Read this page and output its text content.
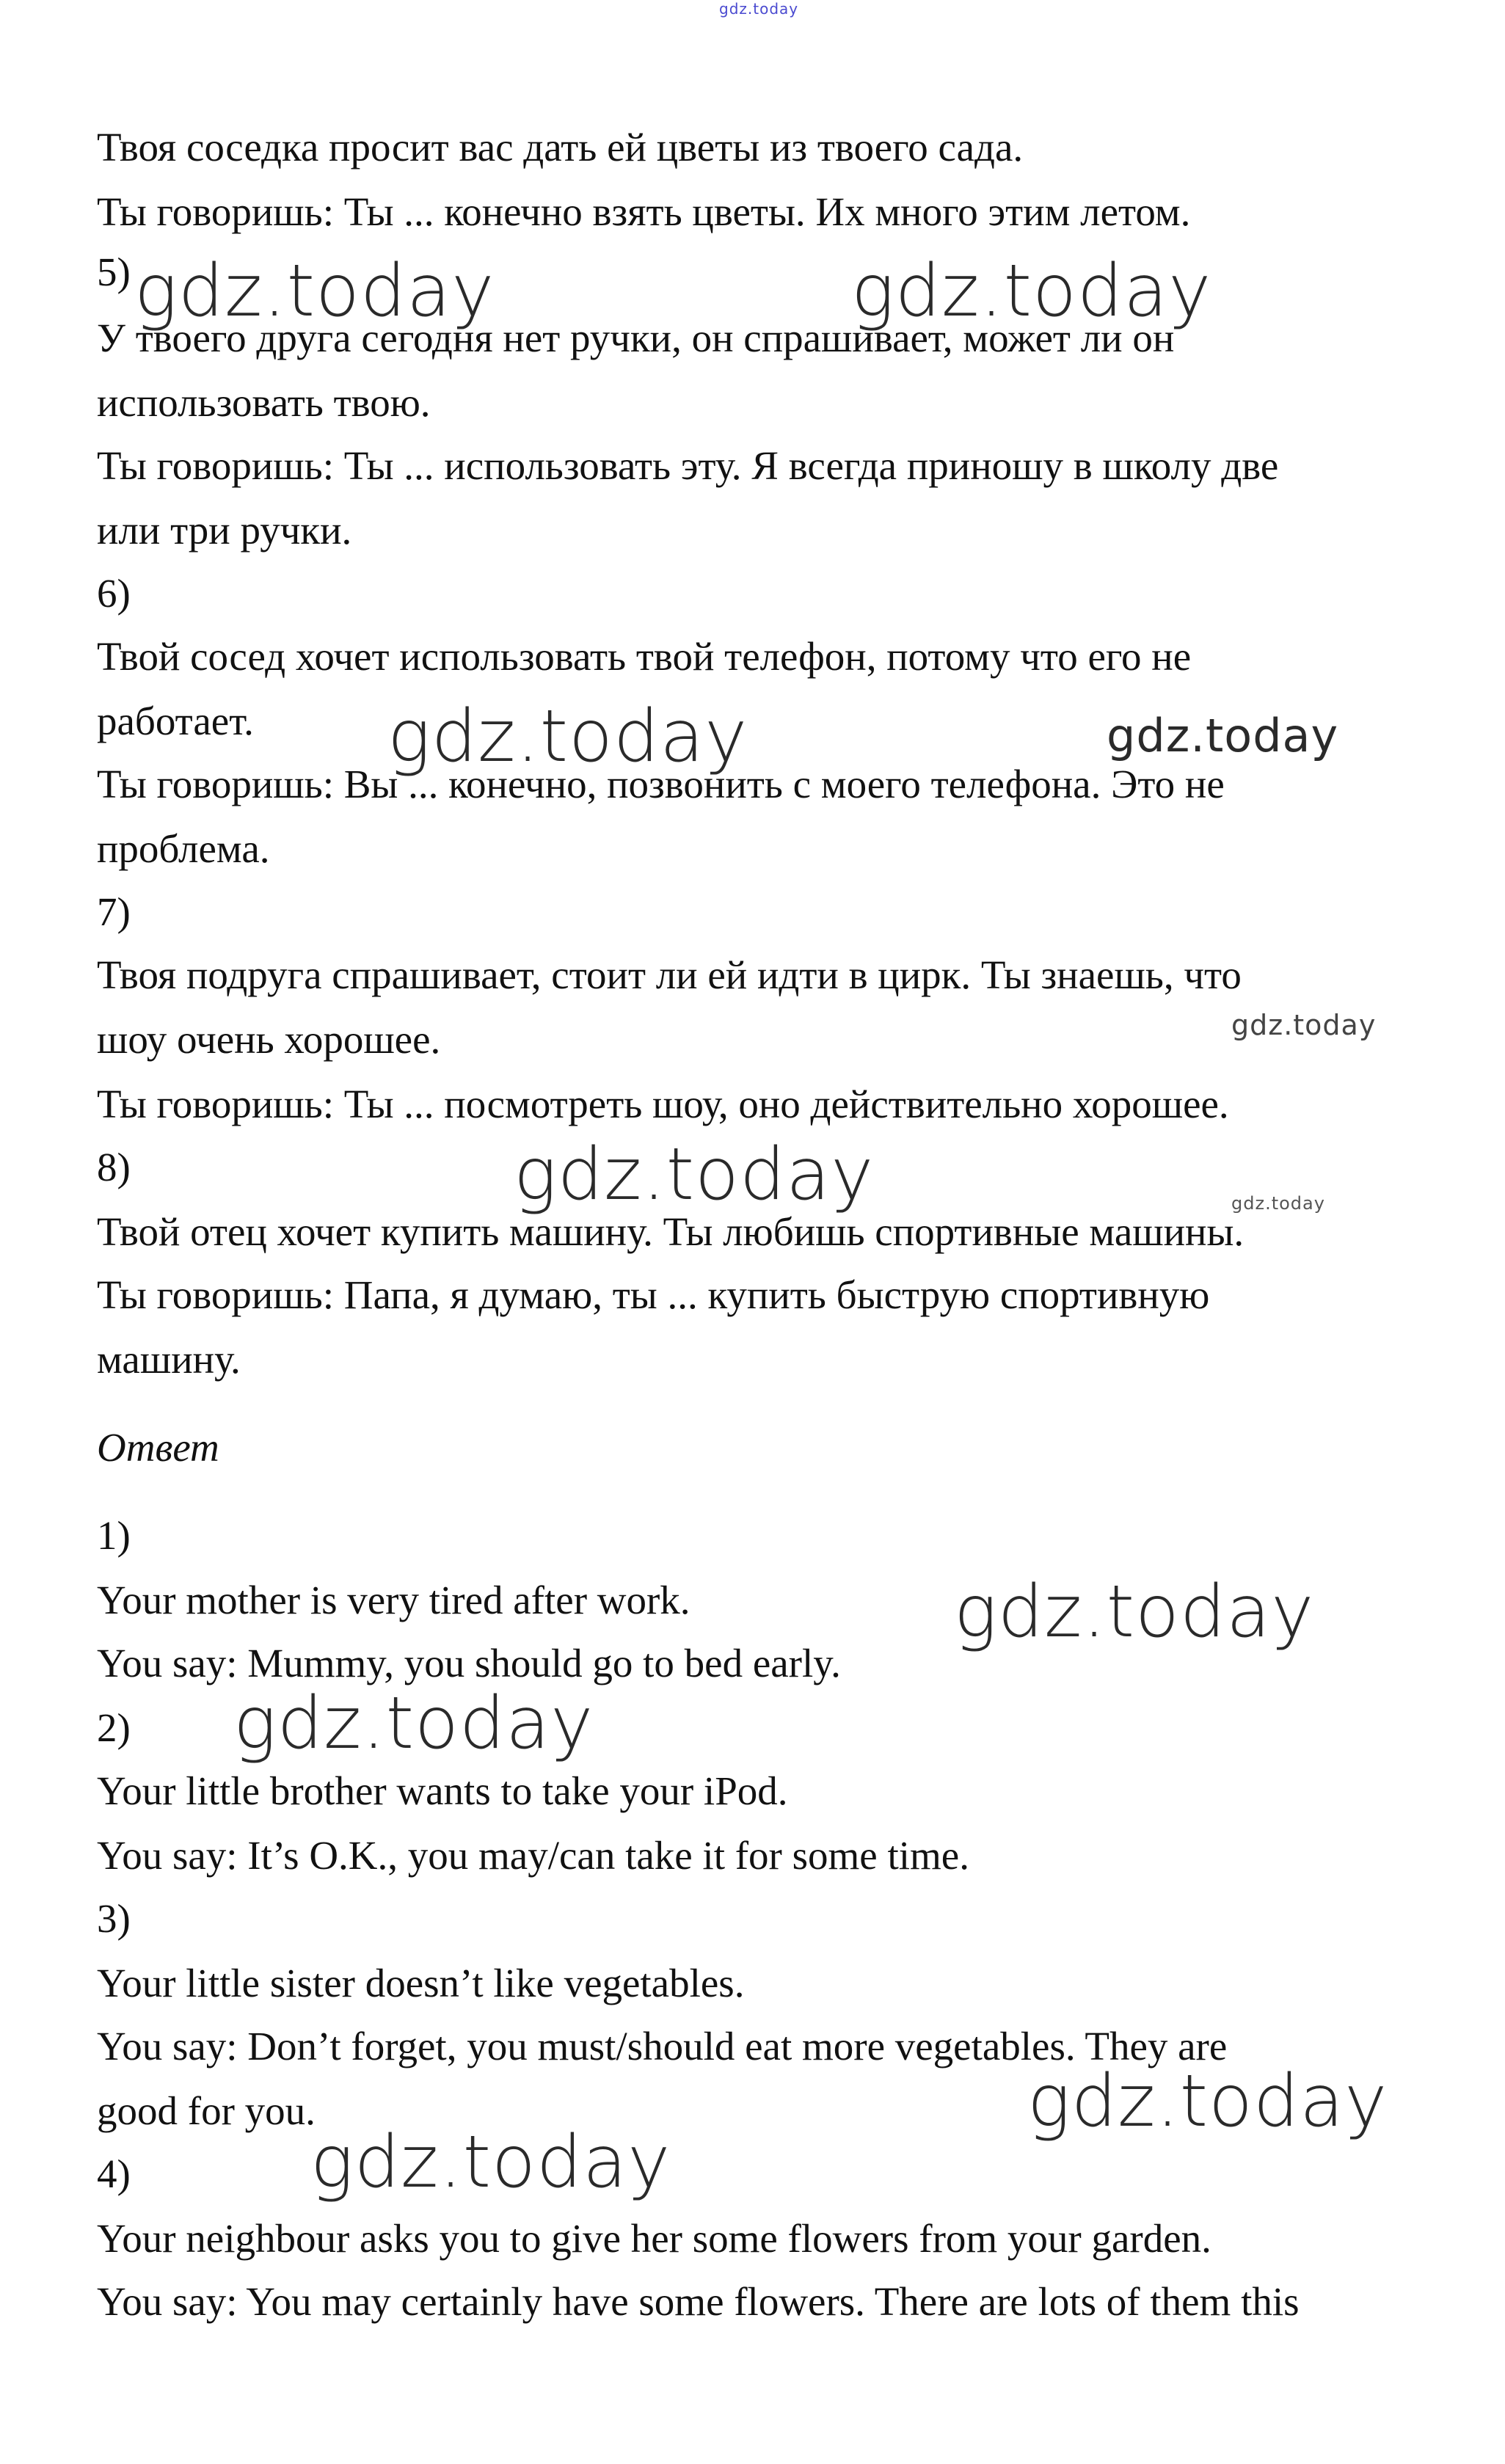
Твоя соседка просит вас дать ей цветы из твоего сада.
Ты говоришь: Ты ... конечно взять цветы. Их много этим летом.
5)
У твоего друга сегодня нет ручки, он спрашивает, может ли он
использовать твою.
Ты говоришь: Ты ... использовать эту. Я всегда приношу в школу две
или три ручки.
6)
Твой сосед хочет использовать твой телефон, потому что его не
работает.
Ты говоришь: Вы ... конечно, позвонить с моего телефона. Это не
проблема.
7)
Твоя подруга спрашивает, стоит ли ей идти в цирк. Ты знаешь, что
шоу очень хорошее.
Ты говоришь: Ты ... посмотреть шоу, оно действительно хорошее.
8)
Твой отец хочет купить машину. Ты любишь спортивные машины.
Ты говоришь: Папа, я думаю, ты ... купить быструю спортивную
машину.
Ответ
1)
Your mother is very tired after work.
You say: Mummy, you should go to bed early.
2)
Your little brother wants to take your iPod.
You say: It’s O.K., you may/can take it for some time.
3)
Your little sister doesn’t like vegetables.
You say: Don’t forget, you must/should eat more vegetables. They are
good for you.
4)
Your neighbour asks you to give her some flowers from your garden.
You say: You may certainly have some flowers. There are lots of them this
gdz.today
gdz.today	gdz.today
gdz.today	gdz.today
gdz.today
gdz.today	gdz.today
gdz.today
gdz.today
gdz.today
gdz.today
